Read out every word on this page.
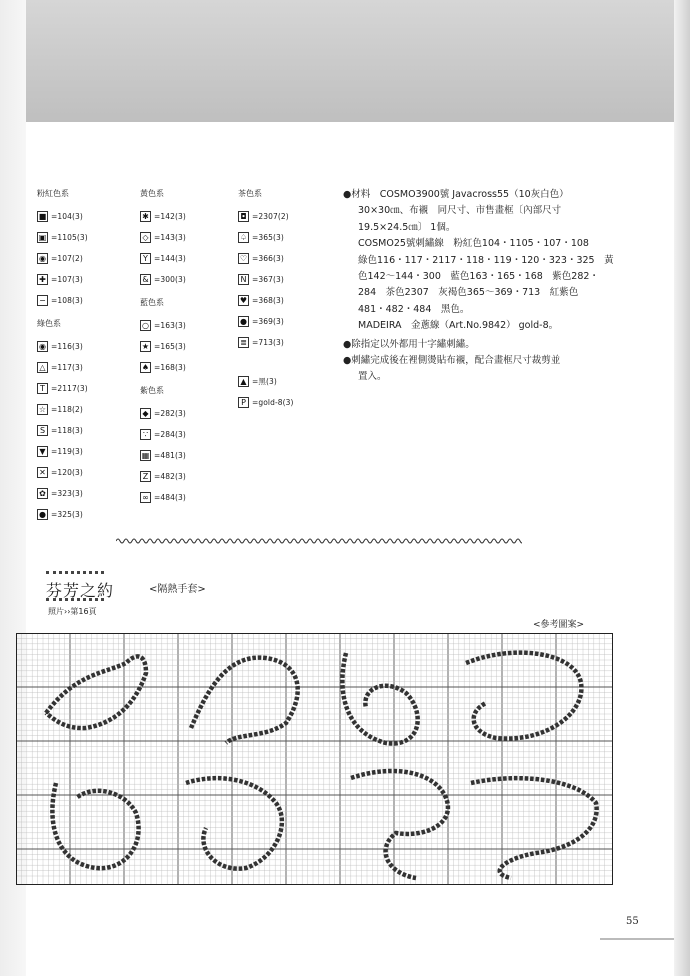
粉紅色系
■ =104(3)
▣ =1105(3)
◉ =107(2)
✚ =107(3)
− =108(3)
綠色系
◉ =116(3)
△ =117(3)
T =2117(3)
☆ =118(2)
S =118(3)
▼ =119(3)
✕ =120(3)
✿ =323(3)
● =325(3)
黃色系
✱ =142(3)
◇ =143(3)
Y =144(3)
& =300(3)
藍色系
○ =163(3)
★ =165(3)
♠ =168(3)
紫色系
◆ =282(3)
∵ =284(3)
▦ =481(3)
Z =482(3)
∞ =484(3)
茶色系
◘ =2307(2)
♤ =365(3)
♡ =366(3)
N =367(3)
♥ =368(3)
● =369(3)
≣ =713(3)
▲ =黑(3)
P =gold-8(3)
●材料　COSMO3900號 Javacross55（10灰白色）
30×30㎝、布襯　同尺寸、市售畫框〔內部尺寸
19.5×24.5㎝〕 1個。
COSMO25號刺繡線　粉紅色104・1105・107・108
綠色116・117・2117・118・119・120・323・325　黃
色142～144・300　藍色163・165・168　紫色282・
284　茶色2307　灰褐色365～369・713　紅紫色
481・482・484　黑色。
MADEIRA　金蔥線（Art.No.9842） gold-8。
●除指定以外都用十字繡刺繡。
●刺繡完成後在裡側燙貼布襯，配合畫框尺寸裁剪並
置入。
芬芳之約
照片››第16頁
<隔熱手套>
<參考圖案>
55
